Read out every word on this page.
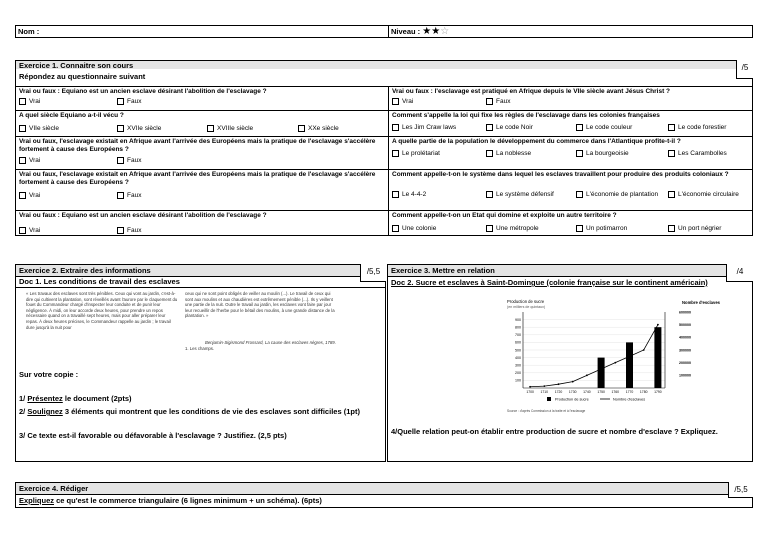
Nom :	Niveau : ★★☆
Exercice 1. Connaitre son cours
Répondez au questionnaire suivant
/5
Vrai ou faux : Equiano est un ancien esclave désirant l'abolition de l'esclavage ?
Vrai	Faux
Vrai ou faux : l'esclavage est pratiqué en Afrique depuis le VIIe siècle avant Jésus Christ ?
Vrai	Faux
A quel siècle Equiano a-t-il vécu ?
VIIe siècle	XVIIe siècle	XVIIIe siècle	XXe siècle
Comment s'appelle la loi qui fixe les règles de l'esclavage dans les colonies françaises
Les Jim Craw laws	Le code Noir	Le code couleur	Le code forestier
Vrai ou faux, l'esclavage existait en Afrique avant l'arrivée des Européens mais la pratique de l'esclavage s'accélère fortement à cause des Européens ?
Vrai	Faux
A quelle partie de la population le développement du commerce dans l'Atlantique profite-t-il ?
Le prolétariat	La noblesse	La bourgeoisie	Les Carambolles
Vrai ou faux, l'esclavage existait en Afrique avant l'arrivée des Européens mais la pratique de l'esclavage s'accélère fortement à cause des Européens ?
Vrai	Faux
Comment appelle-t-on le système dans lequel les esclaves travaillent pour produire des produits coloniaux ?
Le 4-4-2	Le système défensif	L'économie de plantation	L'économie circulaire
Vrai ou faux : Equiano est un ancien esclave désirant l'abolition de l'esclavage ?
Vrai	Faux
Comment appelle-t-on un Etat qui domine et exploite un autre territoire ?
Une colonie	Une métropole	Un potimarron	Un port négrier
Exercice 2. Extraire des informations	/5,5
Doc 1. Les conditions de travail des esclaves
« Les travaux des esclaves sont très pénibles. Ceux qui vont au jardin, c'est-à-dire qui cultivent la plantation, sont réveillés avant l'aurore par le claquement du fouet du Commandeur chargé d'inspecter leur conduite et de punir leur négligence. À midi, on leur accorde deux heures, pour prendre un repos nécessaire quand on a travaillé sept heures, mais pour aller préparer leur repas. À deux heures précises, le Commandeur rappelle au jardin ; le travail dure jusqu'à la nuit pour
ceux qui ne sont point obligés de veiller au moulin (...). Le travail de ceux qui sont aux moulins et aux chaudières est extrêmement pénible (...). Ils y veillent une partie de la nuit. Outre le travail au jardin, les esclaves vont faire par jour leur recueillir de l'herbe pour le bétail des moulins, à une grande distance de la plantation. »
Benjamin-Sigismond Frossard, La cause des esclaves nègres, 1789.
1. Les champs.
Sur votre copie :
1/ Présentez le document (2pts)
2/ Soulignez 3 éléments qui montrent que les conditions de vie des esclaves sont difficiles (1pt)
3/ Ce texte est-il favorable ou défavorable à l'esclavage ? Justifiez. (2,5 pts)
Exercice 3. Mettre en relation	/4
Doc 2. Sucre et esclaves à Saint-Domingue (colonie française sur le continent américain)
Production de sucre
(en milliers de quintaux)
Nombre d'esclaves
100
200
300
400
500
600
700
800
900
100000
200000
300000
400000
500000
600000
1700 1710 1720 1730 1740 1750 1760 1770 1780 1790
Production de sucre	Nombre d'esclaves
Source : d'après Commission à la traite et à l'esclavage
4/Quelle relation peut-on établir entre production de sucre et nombre d'esclave ? Expliquez.
Exercice 4. Rédiger	/5,5
Expliquez ce qu'est le commerce triangulaire (6 lignes minimum + un schéma). (6pts)
